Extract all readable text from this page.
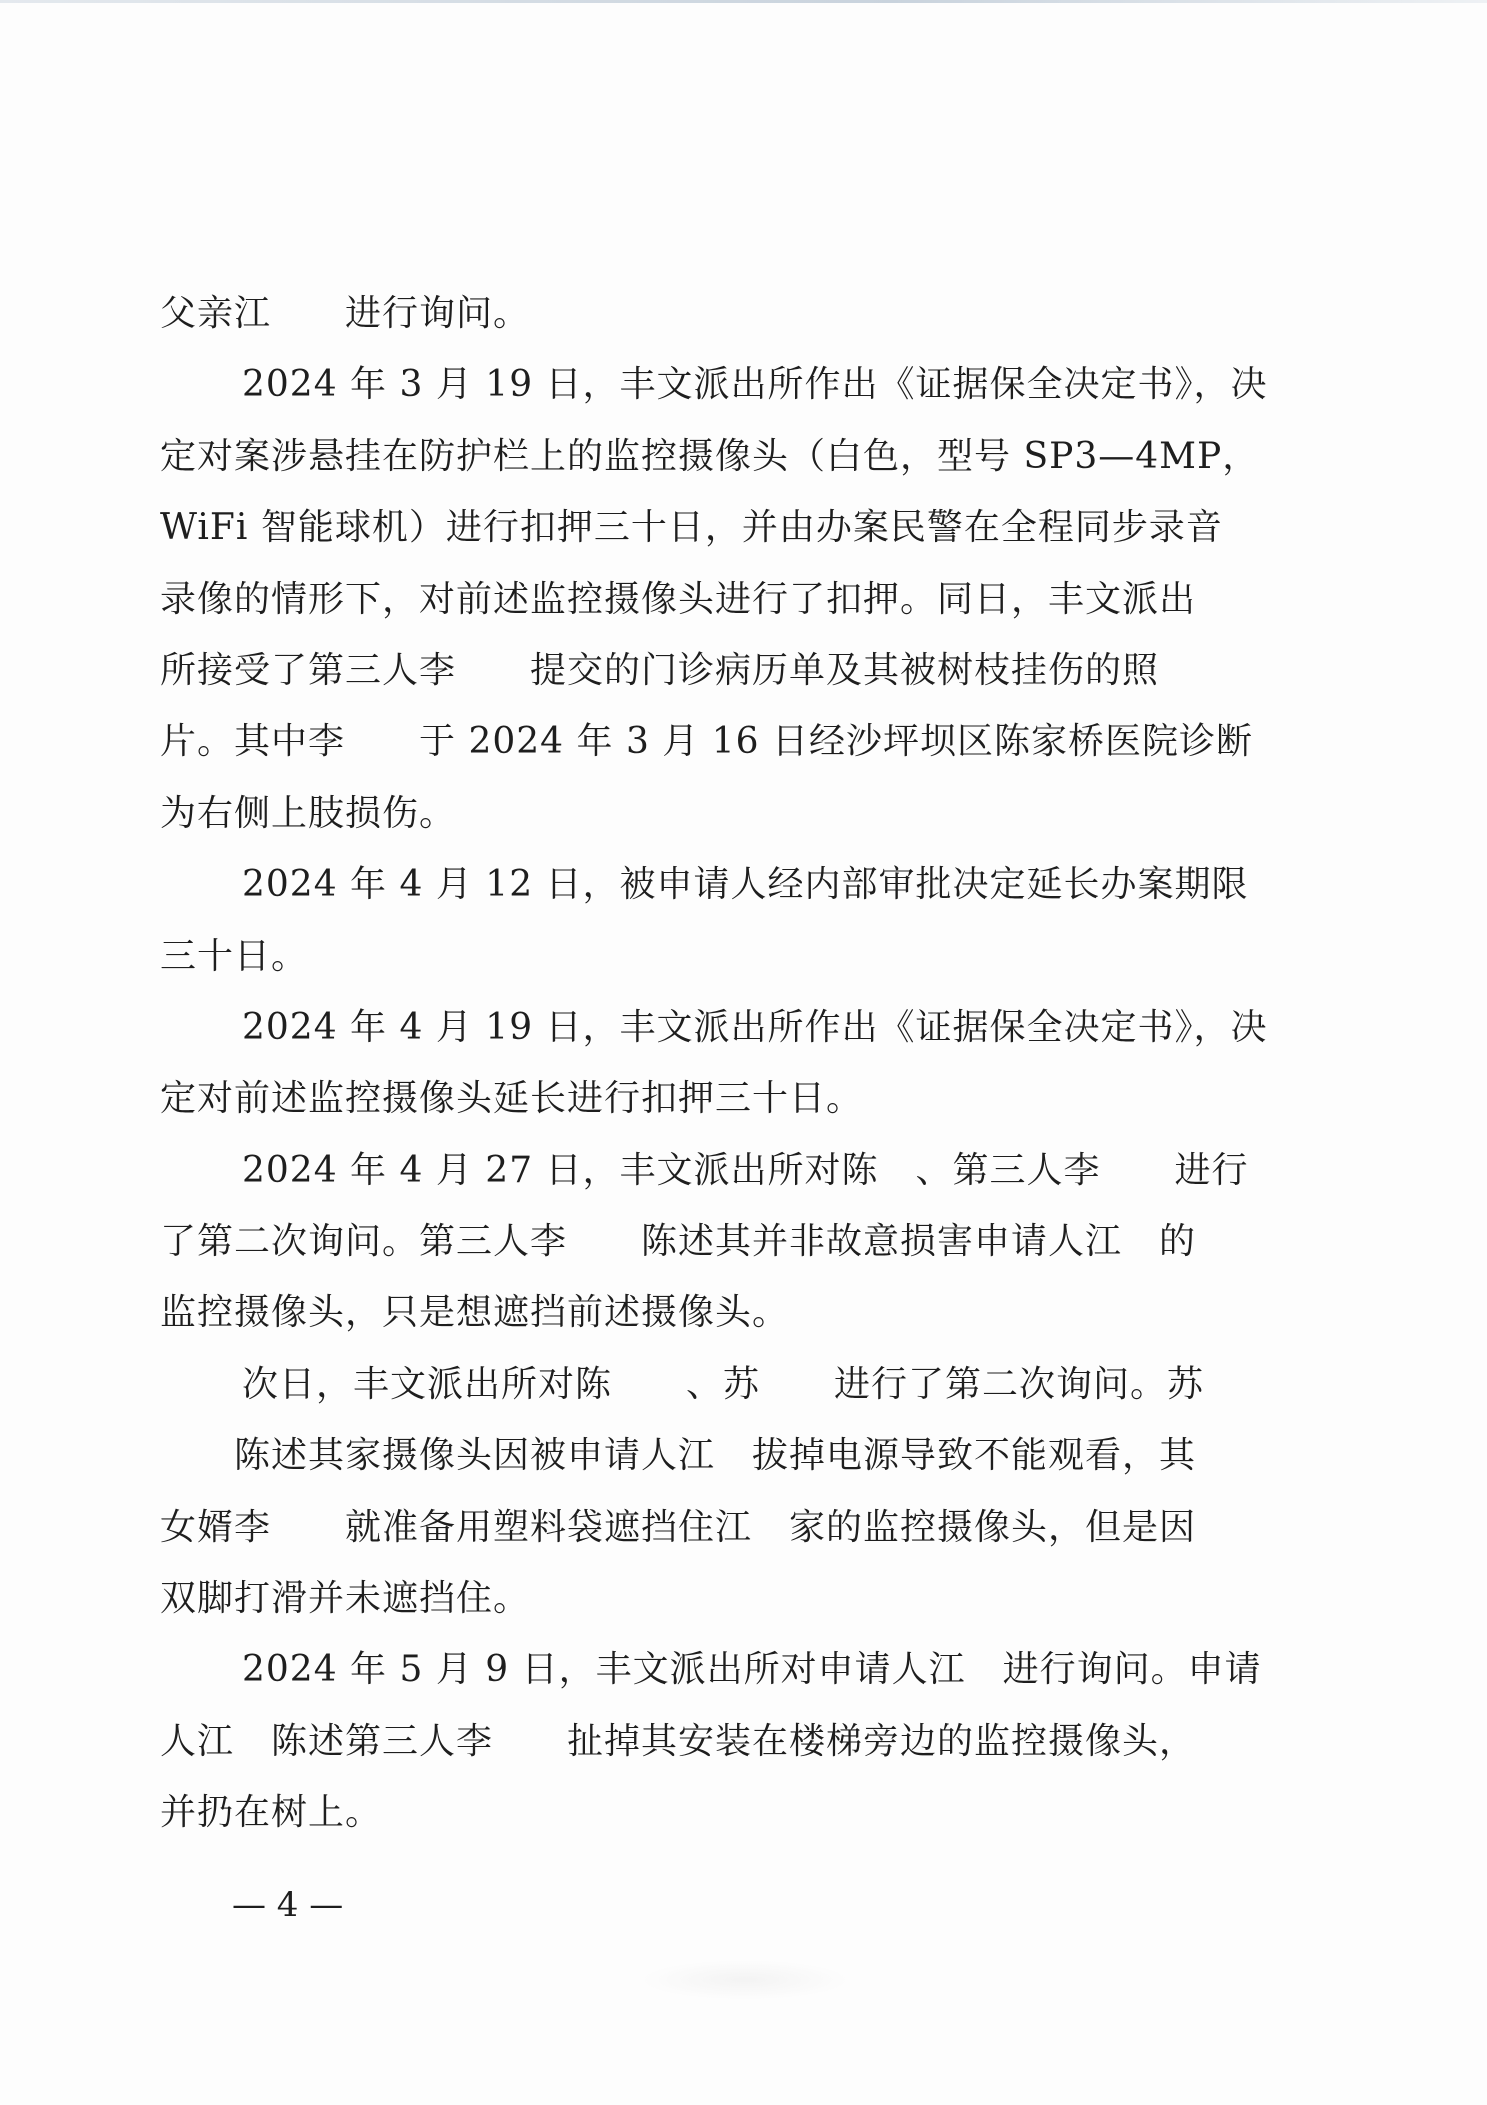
父亲江　　进行询问。
2024 年 3 月 19 日，丰文派出所作出《证据保全决定书》，决
定对案涉悬挂在防护栏上的监控摄像头（白色，型号 SP3—4MP，
WiFi 智能球机）进行扣押三十日，并由办案民警在全程同步录音
录像的情形下，对前述监控摄像头进行了扣押。同日，丰文派出
所接受了第三人李　　提交的门诊病历单及其被树枝挂伤的照
片。其中李　　于 2024 年 3 月 16 日经沙坪坝区陈家桥医院诊断
为右侧上肢损伤。
2024 年 4 月 12 日，被申请人经内部审批决定延长办案期限
三十日。
2024 年 4 月 19 日，丰文派出所作出《证据保全决定书》，决
定对前述监控摄像头延长进行扣押三十日。
2024 年 4 月 27 日，丰文派出所对陈　、第三人李　　进行
了第二次询问。第三人李　　陈述其并非故意损害申请人江　的
监控摄像头，只是想遮挡前述摄像头。
次日，丰文派出所对陈　　、苏　　进行了第二次询问。苏
　　陈述其家摄像头因被申请人江　拔掉电源导致不能观看，其
女婿李　　就准备用塑料袋遮挡住江　家的监控摄像头，但是因
双脚打滑并未遮挡住。
2024 年 5 月 9 日，丰文派出所对申请人江　进行询问。申请
人江　陈述第三人李　　扯掉其安装在楼梯旁边的监控摄像头，
并扔在树上。
— 4 —
